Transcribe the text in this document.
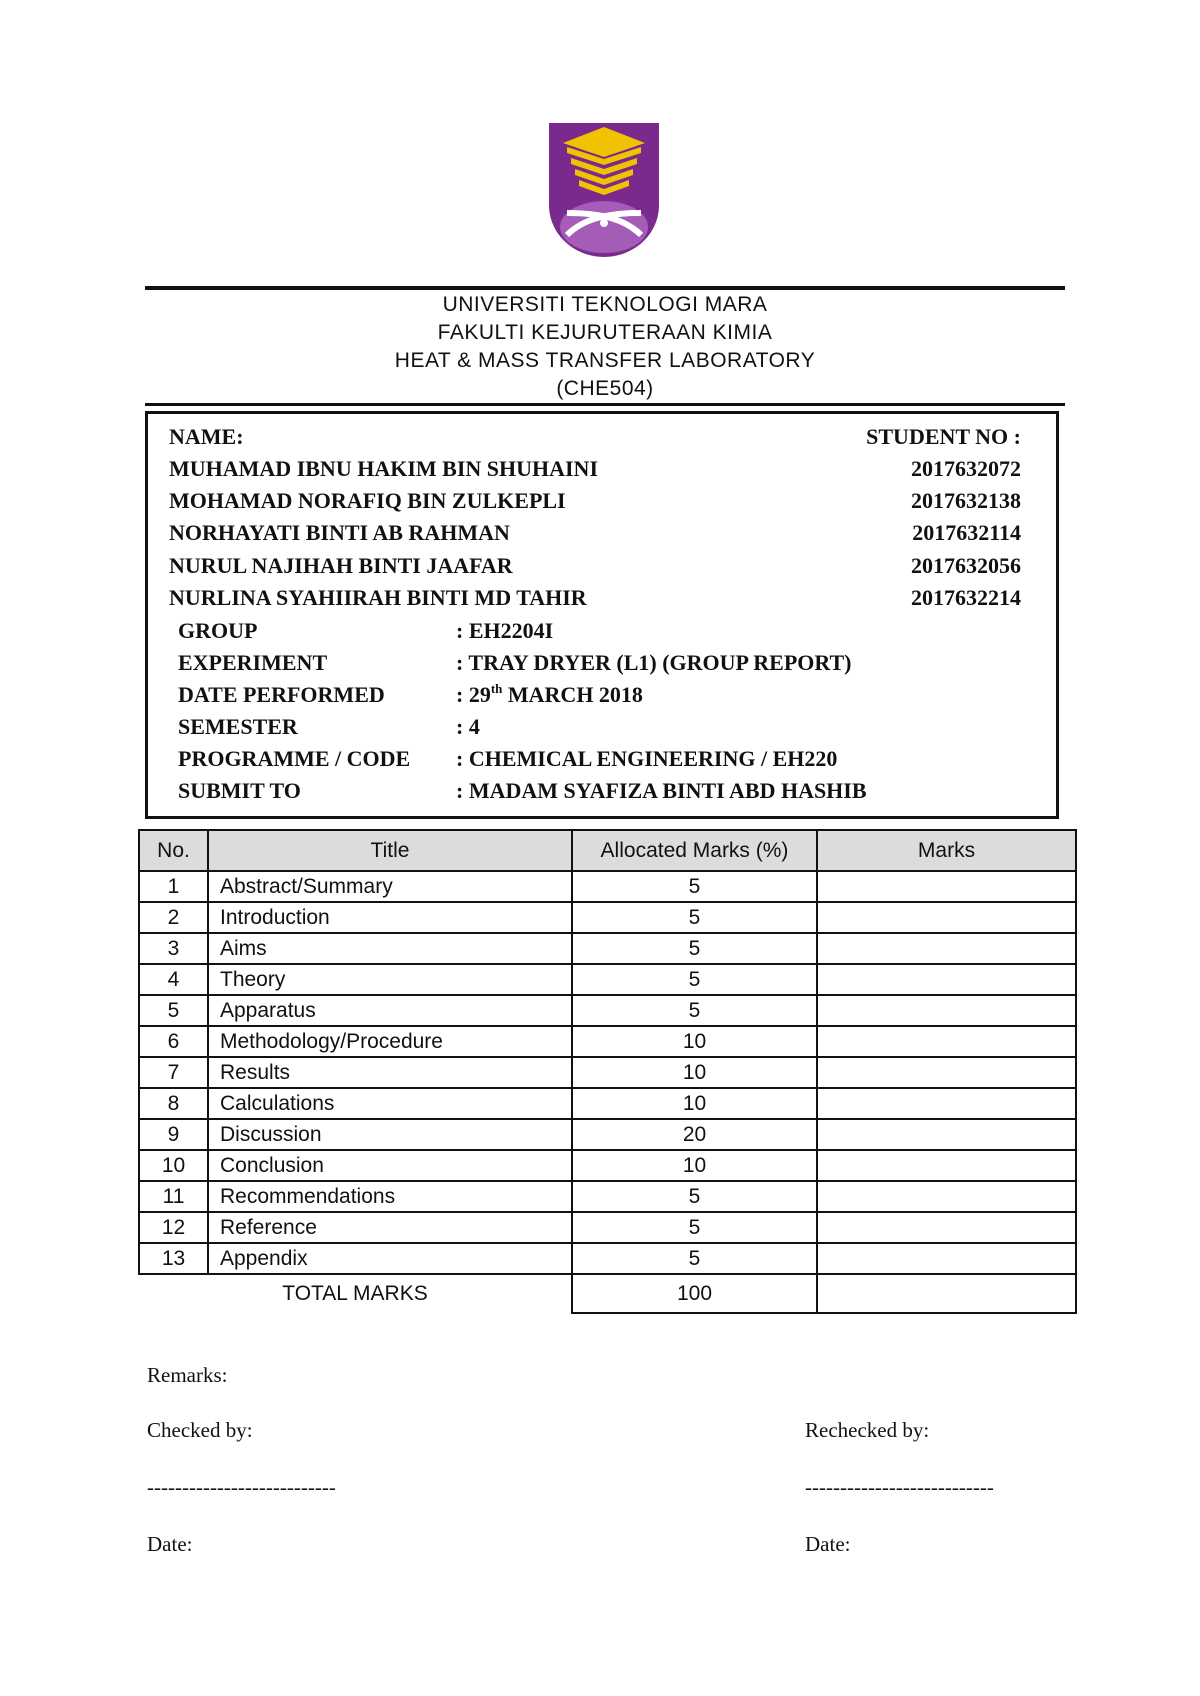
UNIVERSITI TEKNOLOGI MARA
FAKULTI KEJURUTERAAN KIMIA
HEAT & MASS TRANSFER LABORATORY
(CHE504)
NAME:	STUDENT NO :
MUHAMAD IBNU HAKIM BIN SHUHAINI	2017632072
MOHAMAD NORAFIQ BIN ZULKEPLI	2017632138
NORHAYATI BINTI AB RAHMAN	2017632114
NURUL NAJIHAH BINTI JAAFAR	2017632056
NURLINA SYAHIIRAH BINTI MD TAHIR	2017632214
GROUP	: EH2204I
EXPERIMENT	: TRAY DRYER (L1) (GROUP REPORT)
DATE PERFORMED	: 29th MARCH 2018
SEMESTER	: 4
PROGRAMME / CODE : CHEMICAL ENGINEERING / EH220
SUBMIT TO	: MADAM SYAFIZA BINTI ABD HASHIB
No.	Title	Allocated Marks (%)	Marks
1	Abstract/Summary	5	
2	Introduction	5	
3	Aims	5	
4	Theory	5	
5	Apparatus	5	
6	Methodology/Procedure	10	
7	Results	10	
8	Calculations	10	
9	Discussion	20	
10	Conclusion	10	
11	Recommendations	5	
12	Reference	5	
13	Appendix	5	
TOTAL MARKS		100	
Remarks:
Checked by:	Rechecked by:
---------------------------	---------------------------
Date:	Date:
